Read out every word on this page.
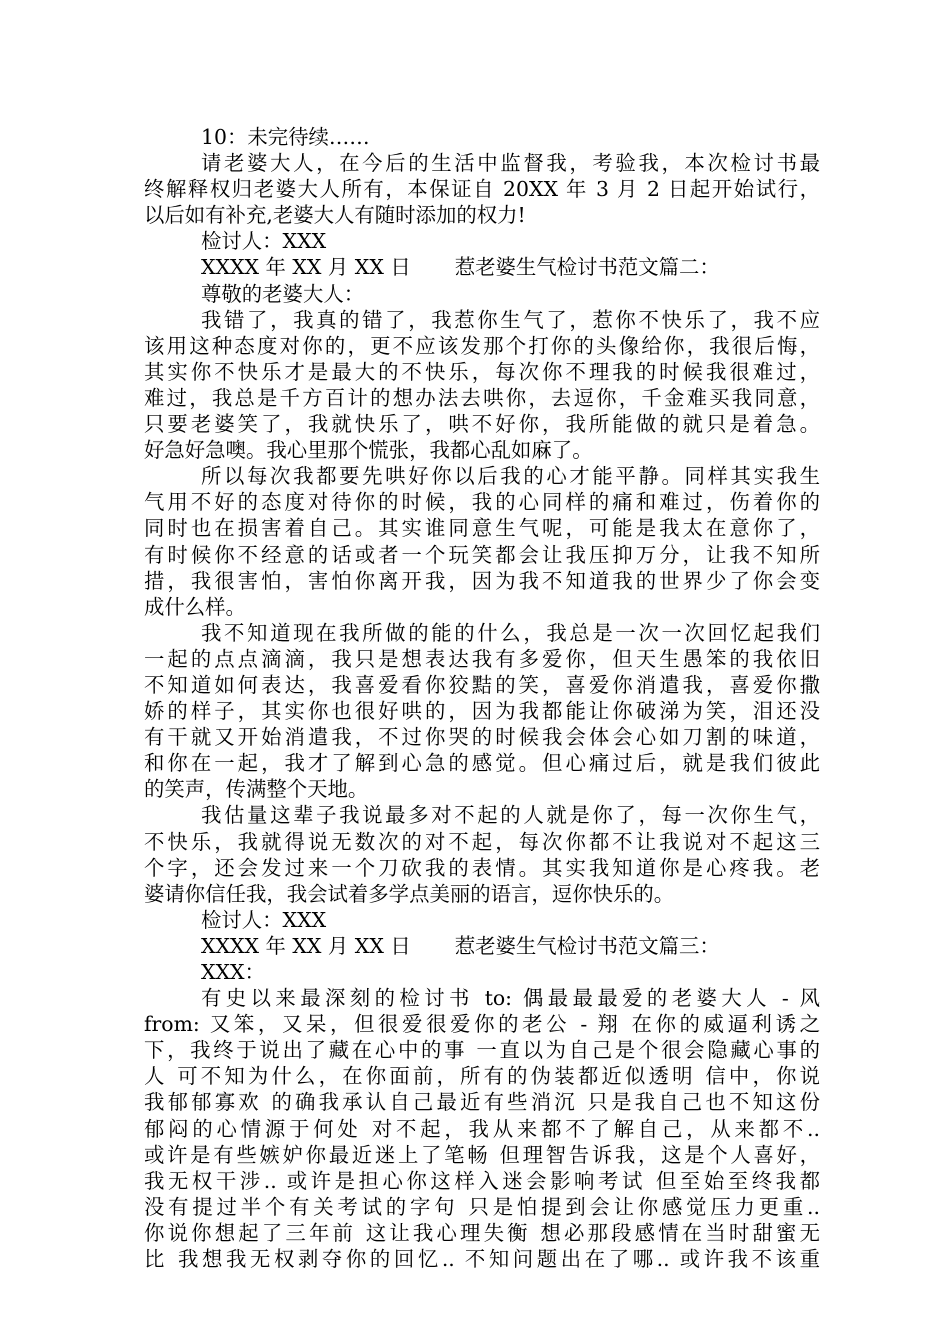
10：未完待续……
请老婆大人，在今后的生活中监督我，考验我，本次检讨书最
终解释权归老婆大人所有，本保证自 20XX 年 3 月 2 日起开始试行，
以后如有补充,老婆大人有随时添加的权力!
检讨人：XXX
XXXX 年 XX 月 XX 日 惹老婆生气检讨书范文篇二：
尊敬的老婆大人：
我错了，我真的错了，我惹你生气了，惹你不快乐了，我不应
该用这种态度对你的，更不应该发那个打你的头像给你，我很后悔，
其实你不快乐才是最大的不快乐，每次你不理我的时候我很难过，
难过，我总是千方百计的想办法去哄你，去逗你，千金难买我同意，
只要老婆笑了，我就快乐了，哄不好你，我所能做的就只是着急。
好急好急噢。我心里那个慌张，我都心乱如麻了。
所以每次我都要先哄好你以后我的心才能平静。同样其实我生
气用不好的态度对待你的时候，我的心同样的痛和难过，伤着你的
同时也在损害着自己。其实谁同意生气呢，可能是我太在意你了，
有时候你不经意的话或者一个玩笑都会让我压抑万分，让我不知所
措，我很害怕，害怕你离开我，因为我不知道我的世界少了你会变
成什么样。
我不知道现在我所做的能的什么，我总是一次一次回忆起我们
一起的点点滴滴，我只是想表达我有多爱你，但天生愚笨的我依旧
不知道如何表达，我喜爱看你狡黠的笑，喜爱你消遣我，喜爱你撒
娇的样子，其实你也很好哄的，因为我都能让你破涕为笑，泪还没
有干就又开始消遣我，不过你哭的时候我会体会心如刀割的味道，
和你在一起，我才了解到心急的感觉。但心痛过后，就是我们彼此
的笑声，传满整个天地。
我估量这辈子我说最多对不起的人就是你了，每一次你生气，
不快乐，我就得说无数次的对不起，每次你都不让我说对不起这三
个字，还会发过来一个刀砍我的表情。其实我知道你是心疼我。老
婆请你信任我，我会试着多学点美丽的语言，逗你快乐的。
检讨人：XXX
XXXX 年 XX 月 XX 日 惹老婆生气检讨书范文篇三：
XXX：
有史以来最深刻的检讨书 to: 偶最最最爱的老婆大人 - 风
from: 又笨，又呆，但很爱很爱你的老公 - 翔 在你的威逼利诱之
下，我终于说出了藏在心中的事 一直以为自己是个很会隐藏心事的
人 可不知为什么，在你面前，所有的伪装都近似透明 信中，你说
我郁郁寡欢 的确我承认自己最近有些消沉 只是我自己也不知这份
郁闷的心情源于何处 对不起，我从来都不了解自己，从来都不..
或许是有些嫉妒你最近迷上了笔畅 但理智告诉我，这是个人喜好，
我无权干涉.. 或许是担心你这样入迷会影响考试 但至始至终我都
没有提过半个有关考试的字句 只是怕提到会让你感觉压力更重..
你说你想起了三年前 这让我心理失衡 想必那段感情在当时甜蜜无
比 我想我无权剥夺你的回忆.. 不知问题出在了哪.. 或许我不该重
